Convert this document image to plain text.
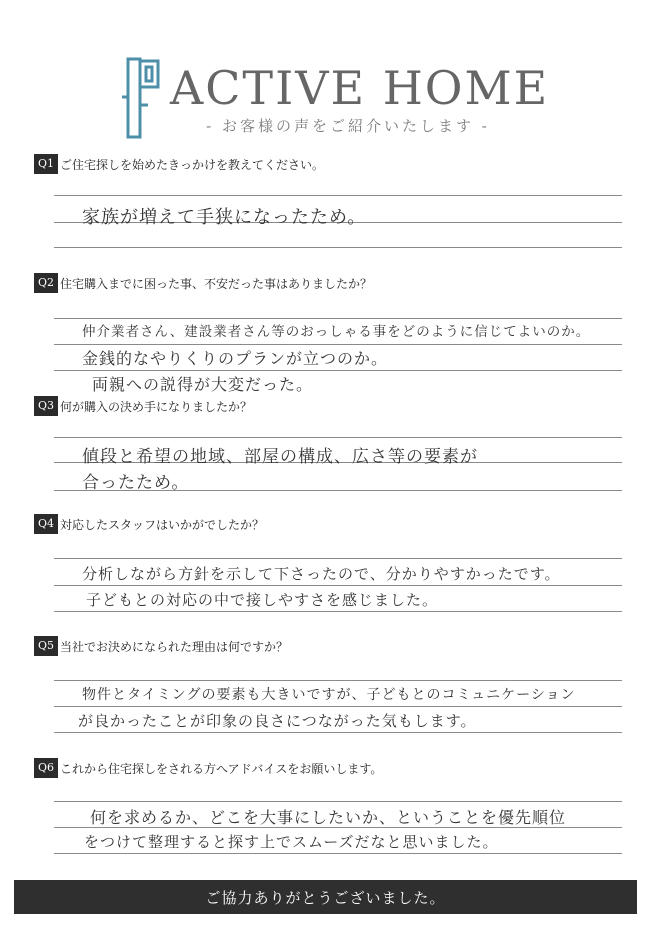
ACTIVE HOME
- お客様の声をご紹介いたします -
Q1 ご住宅探しを始めたきっかけを教えてください。
家族が増えて手狭になったため。
Q2 住宅購入までに困った事、不安だった事はありましたか？
仲介業者さん、建設業者さん等のおっしゃる事をどのように信じてよいのか。
金銭的なやりくりのプランが立つのか。
両親への説得が大変だった。
Q3 何が購入の決め手になりましたか？
値段と希望の地域、部屋の構成、広さ等の要素が
合ったため。
Q4 対応したスタッフはいかがでしたか？
分析しながら方針を示して下さったので、分かりやすかったです。
子どもとの対応の中で接しやすさを感じました。
Q5 当社でお決めになられた理由は何ですか？
物件とタイミングの要素も大きいですが、子どもとのコミュニケーション
が良かったことが印象の良さにつながった気もします。
Q6 これから住宅探しをされる方へアドバイスをお願いします。
何を求めるか、どこを大事にしたいか、ということを優先順位
をつけて整理すると探す上でスムーズだなと思いました。
ご協力ありがとうございました。
